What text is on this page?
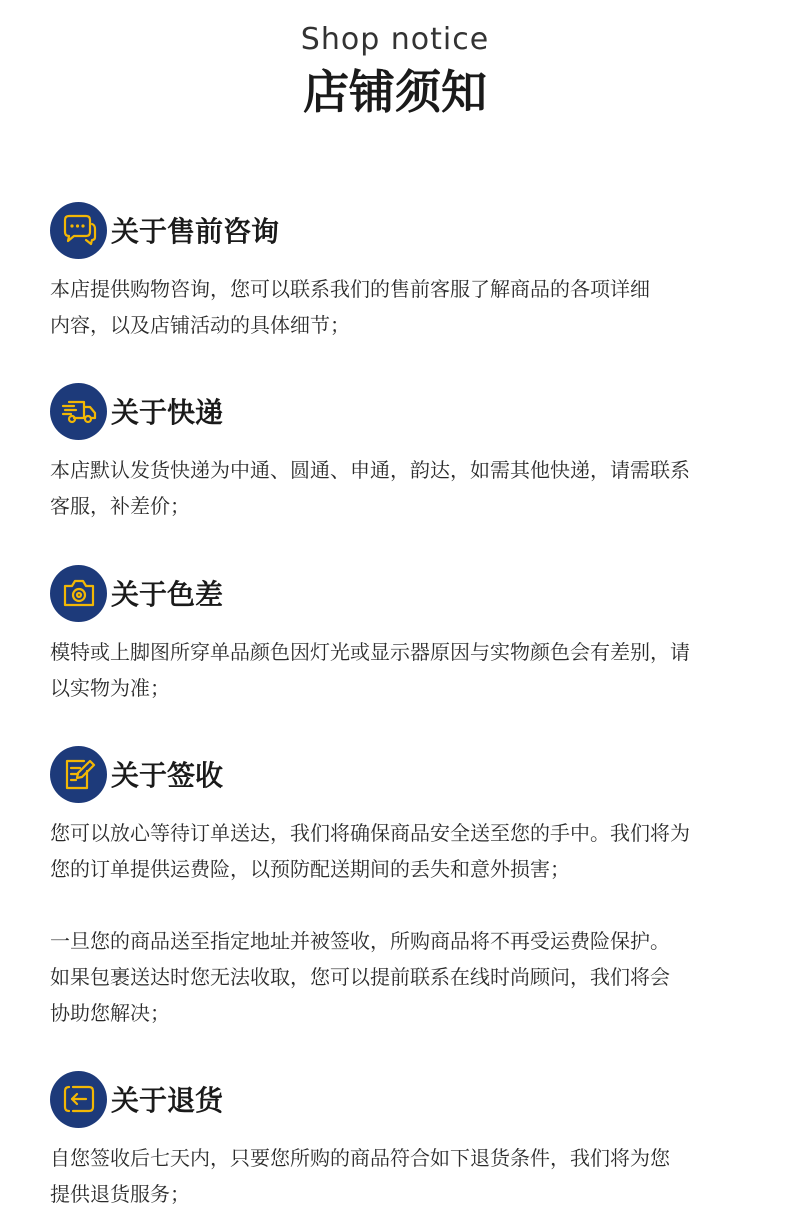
Shop notice
店铺须知
关于售前咨询

本店提供购物咨询，您可以联系我们的售前客服了解商品的各项详细
内容，以及店铺活动的具体细节；

关于快递

本店默认发货快递为中通、圆通、申通，韵达，如需其他快递，请需联系
客服，补差价；

关于色差

模特或上脚图所穿单品颜色因灯光或显示器原因与实物颜色会有差别，请
以实物为准；

关于签收

您可以放心等待订单送达，我们将确保商品安全送至您的手中。我们将为
您的订单提供运费险，以预防配送期间的丢失和意外损害；

一旦您的商品送至指定地址并被签收，所购商品将不再受运费险保护。
如果包裹送达时您无法收取，您可以提前联系在线时尚顾问，我们将会
协助您解决；

关于退货

自您签收后七天内，只要您所购的商品符合如下退货条件，我们将为您
提供退货服务；
